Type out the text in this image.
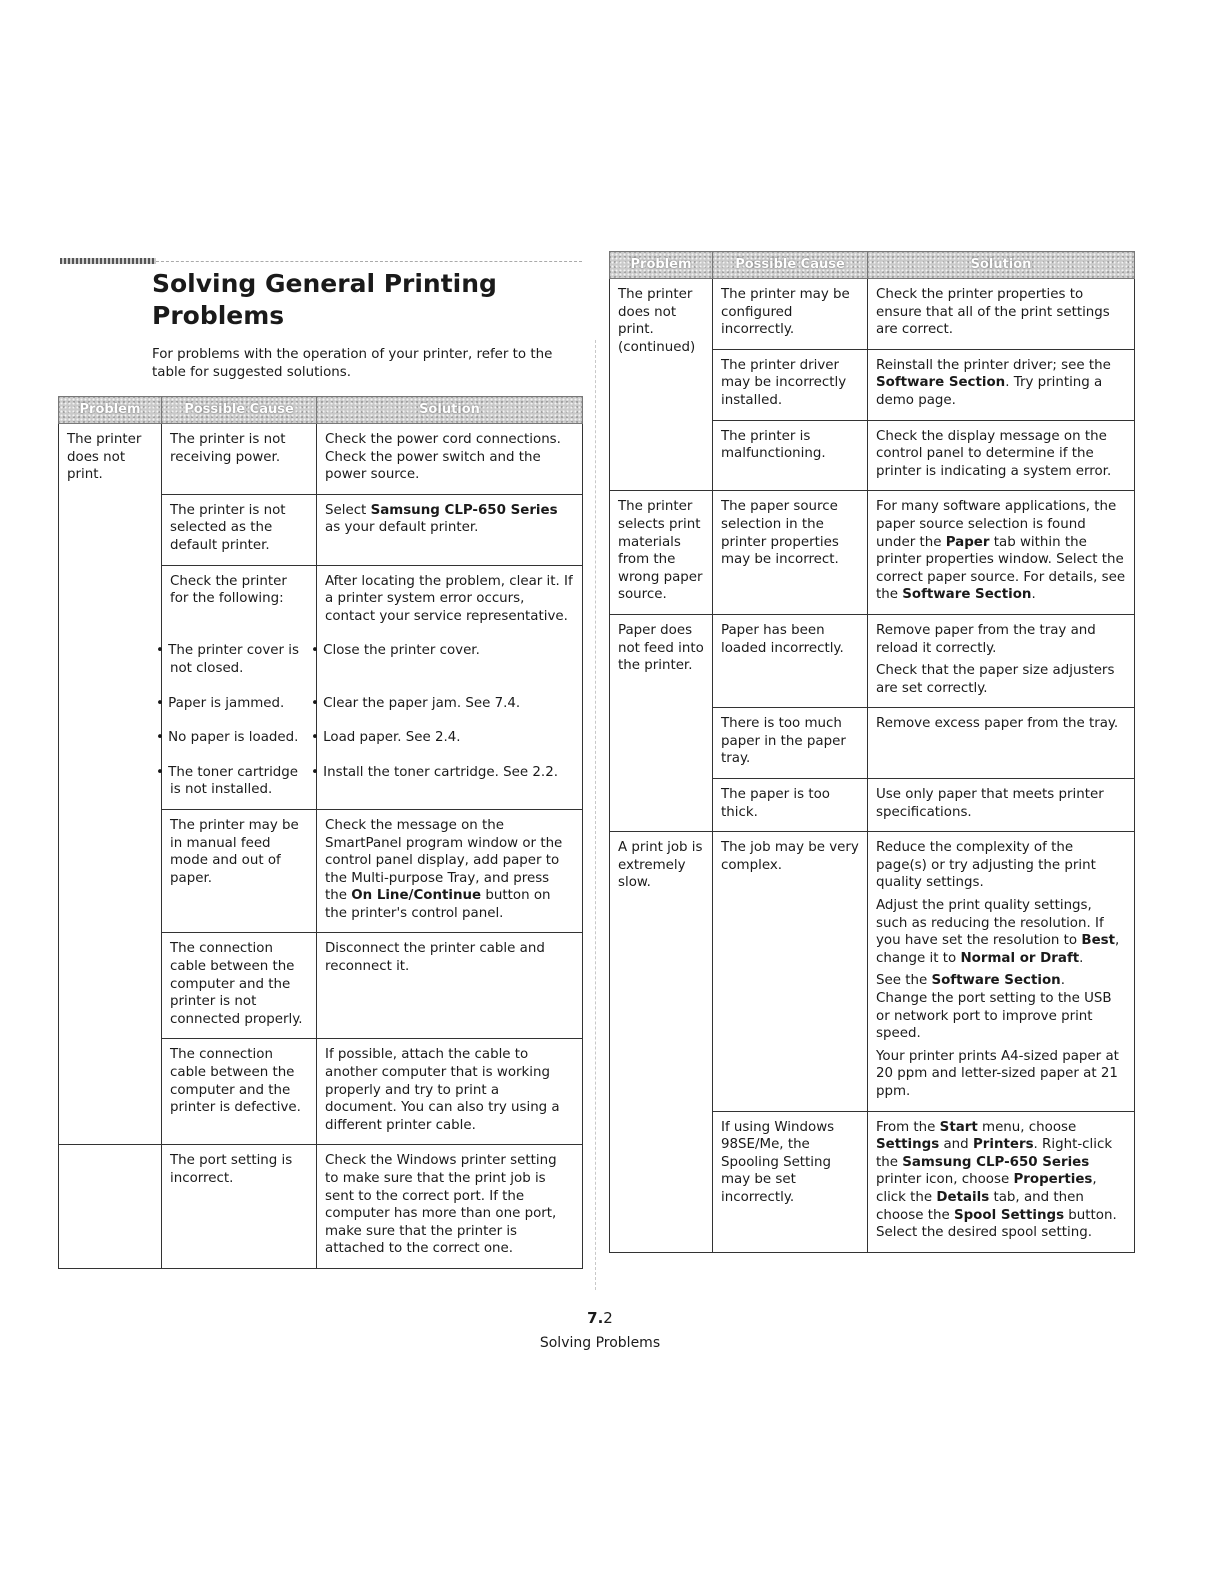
Solving General Printing
Problems

For problems with the operation of your printer, refer to the table for suggested solutions.

Problem	Possible Cause	Solution
The printer does not print.	The printer is not receiving power.	Check the power cord connections. Check the power switch and the power source.
	The printer is not selected as the default printer.	Select Samsung CLP-650 Series as your default printer.
	Check the printer for the following:	After locating the problem, clear it. If a printer system error occurs, contact your service representative.
	• The printer cover is not closed.	• Close the printer cover.
	• Paper is jammed.	• Clear the paper jam. See 7.4.
	• No paper is loaded.	• Load paper. See 2.4.
	• The toner cartridge is not installed.	• Install the toner cartridge. See 2.2.
	The printer may be in manual feed mode and out of paper.	Check the message on the SmartPanel program window or the control panel display, add paper to the Multi-purpose Tray, and press the On Line/Continue button on the printer's control panel.
	The connection cable between the computer and the printer is not connected properly.	Disconnect the printer cable and reconnect it.
	The connection cable between the computer and the printer is defective.	If possible, attach the cable to another computer that is working properly and try to print a document. You can also try using a different printer cable.
	The port setting is incorrect.	Check the Windows printer setting to make sure that the print job is sent to the correct port. If the computer has more than one port, make sure that the printer is attached to the correct one.
Problem	Possible Cause	Solution
The printer does not print. (continued)	The printer may be configured incorrectly.	Check the printer properties to ensure that all of the print settings are correct.
	The printer driver may be incorrectly installed.	Reinstall the printer driver; see the Software Section. Try printing a demo page.
	The printer is malfunctioning.	Check the display message on the control panel to determine if the printer is indicating a system error.
The printer selects print materials from the wrong paper source.	The paper source selection in the printer properties may be incorrect.	For many software applications, the paper source selection is found under the Paper tab within the printer properties window. Select the correct paper source. For details, see the Software Section.
Paper does not feed into the printer.	Paper has been loaded incorrectly.	Remove paper from the tray and reload it correctly.

Check that the paper size adjusters are set correctly.

	There is too much paper in the paper tray.	Remove excess paper from the tray.
	The paper is too thick.	Use only paper that meets printer specifications.
A print job is extremely slow.	The job may be very complex.	Reduce the complexity of the page(s) or try adjusting the print quality settings.

Adjust the print quality settings, such as reducing the resolution. If you have set the resolution to Best, change it to Normal or Draft.

See the Software Section.

Change the port setting to the USB or network port to improve print speed.

Your printer prints A4-sized paper at 20 ppm and letter-sized paper at 21 ppm.

	If using Windows 98SE/Me, the Spooling Setting may be set incorrectly.	From the Start menu, choose Settings and Printers. Right-click the Samsung CLP-650 Series printer icon, choose Properties, click the Details tab, and then choose the Spool Settings button. Select the desired spool setting.
7.2
Solving Problems
